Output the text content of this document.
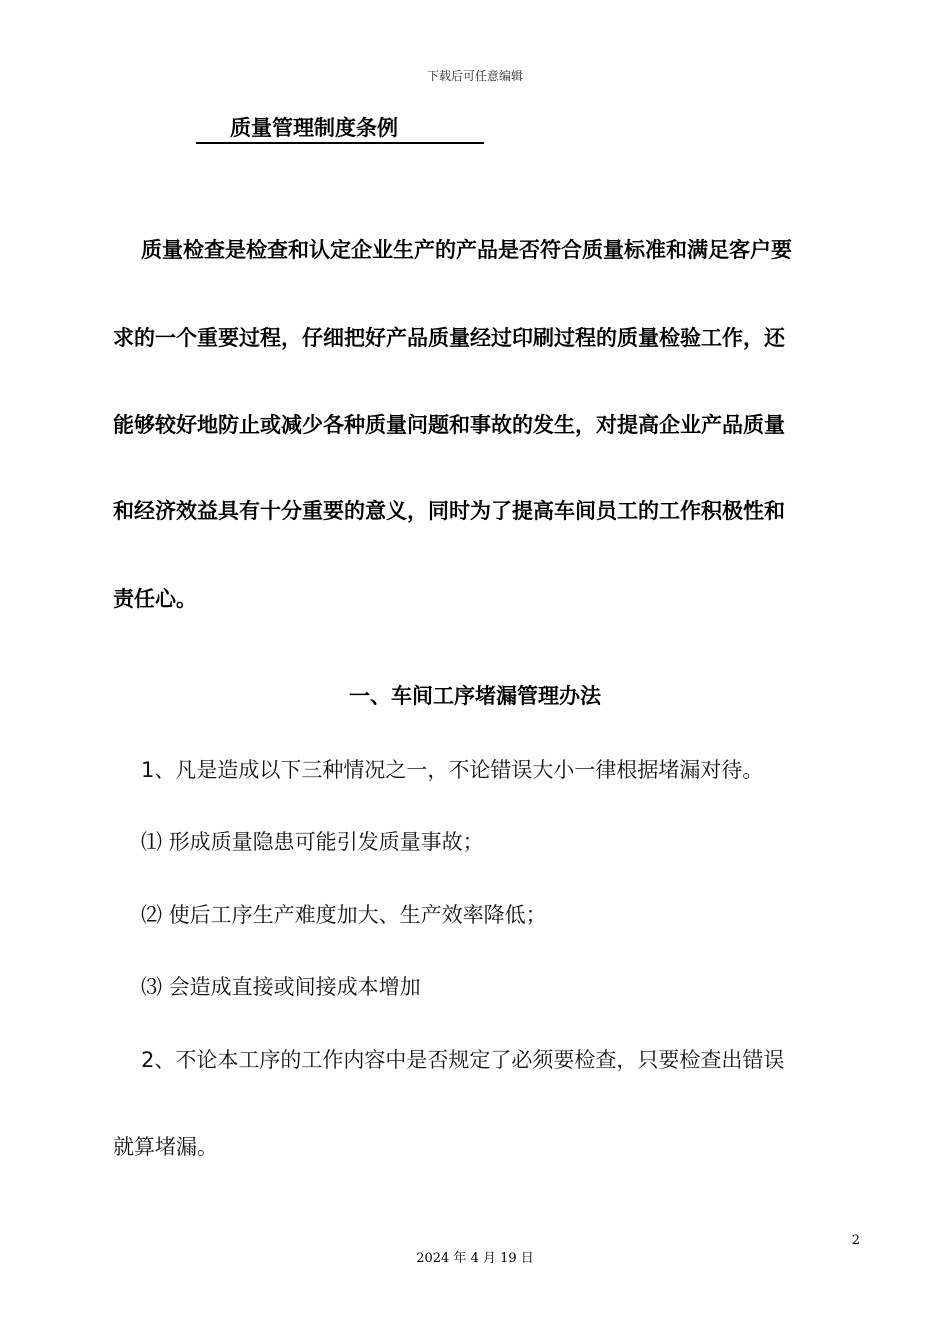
下载后可任意编辑
质量管理制度条例
质量检查是检查和认定企业生产的产品是否符合质量标准和满足客户要
求的一个重要过程，仔细把好产品质量经过印刷过程的质量检验工作，还
能够较好地防止或减少各种质量问题和事故的发生，对提高企业产品质量
和经济效益具有十分重要的意义，同时为了提高车间员工的工作积极性和
责任心。
一、车间工序堵漏管理办法
1、凡是造成以下三种情况之一，不论错误大小一律根据堵漏对待。
⑴ 形成质量隐患可能引发质量事故；
⑵ 使后工序生产难度加大、生产效率降低；
⑶ 会造成直接或间接成本增加
2、不论本工序的工作内容中是否规定了必须要检查，只要检查出错误
就算堵漏。
2
2024 年 4 月 19 日
